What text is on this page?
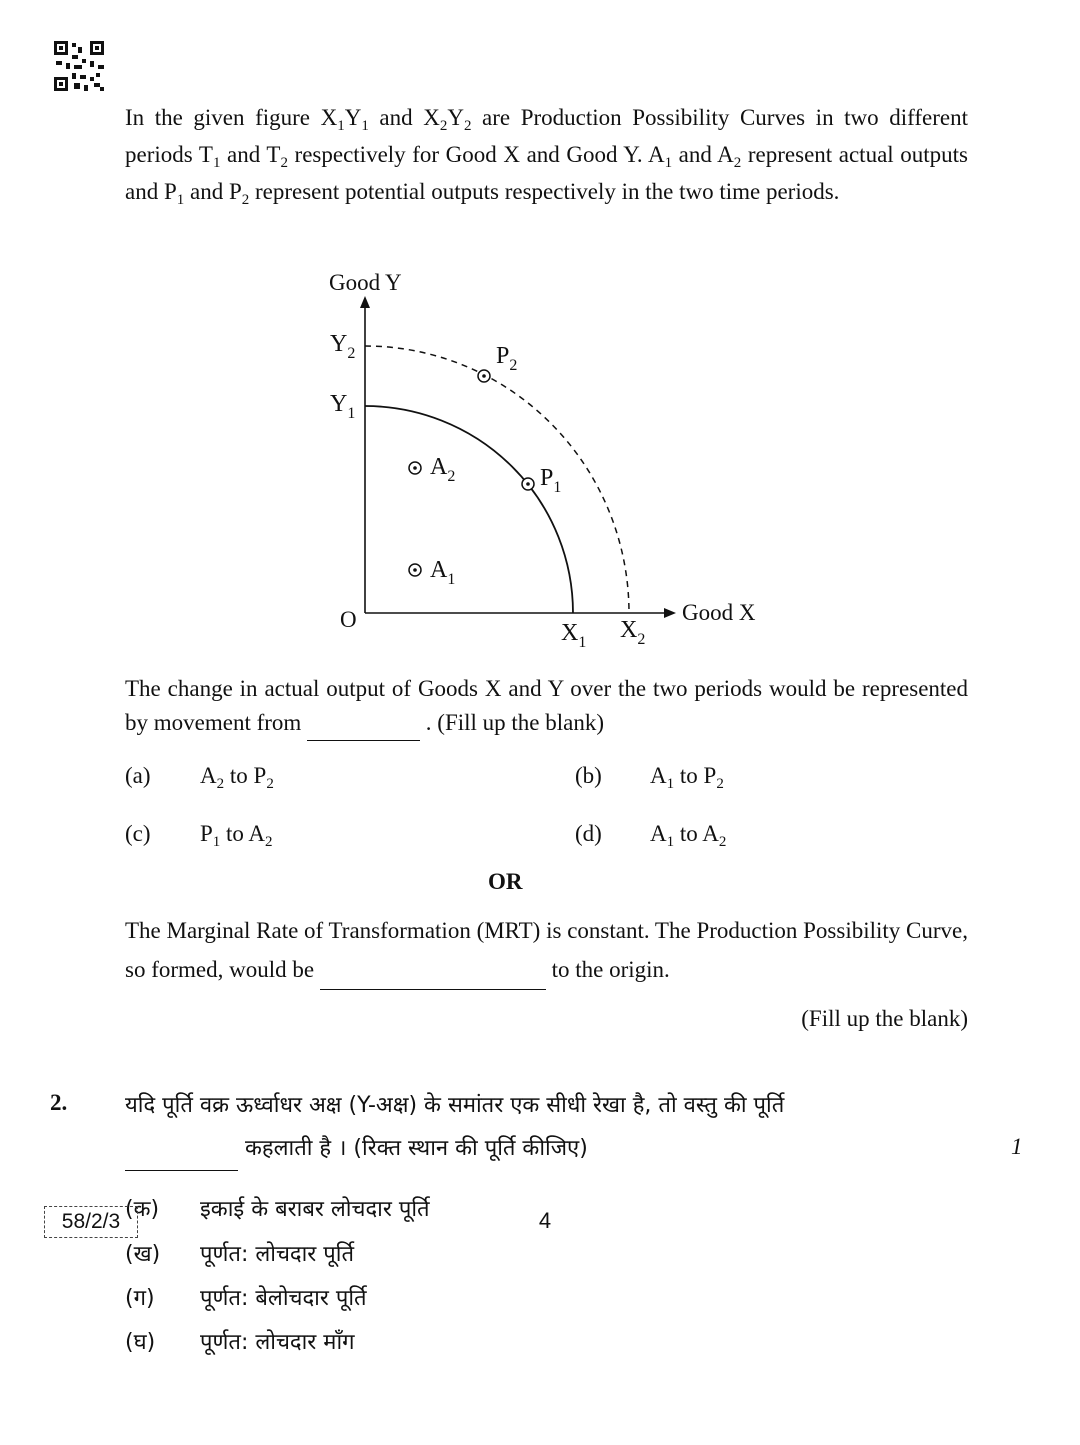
In the given figure $X_1Y_1$ and $X_2Y_2$ are Production Possibility Curves in two different periods $T_1$ and $T_2$ respectively for Good X and Good Y. $A_1$ and $A_2$ represent actual outputs and $P_1$ and $P_2$ represent potential outputs respectively in the two time periods.
Good Y
Good X
O
$Y_2$
$Y_1$
$X_1$ $X_2$
$P_2$
$P_1$
$A_2$
$A_1$
The change in actual output of Goods X and Y over the two periods would be represented by movement from	. (Fill up the blank)
(a) $A_2$ to $P_2$	(b) $A_1$ to $P_2$
(c) $P_1$ to $A_2$	(d) $A_1$ to $A_2$
OR
The Marginal Rate of Transformation (MRT) is constant. The Production Possibility Curve, so formed, would be	to the origin.
(Fill up the blank)
2.	यदि पूर्ति वक्र ऊर्ध्वाधर अक्ष (Y-अक्ष) के समांतर एक सीधी रेखा है, तो वस्तु की पूर्ति
कहलाती है । (रिक्त स्थान की पूर्ति कीजिए)	1
(क) इकाई के बराबर लोचदार पूर्ति
(ख) पूर्णत: लोचदार पूर्ति
(ग) पूर्णत: बेलोचदार पूर्ति
(घ) पूर्णत: लोचदार माँग
58/2/3	4
